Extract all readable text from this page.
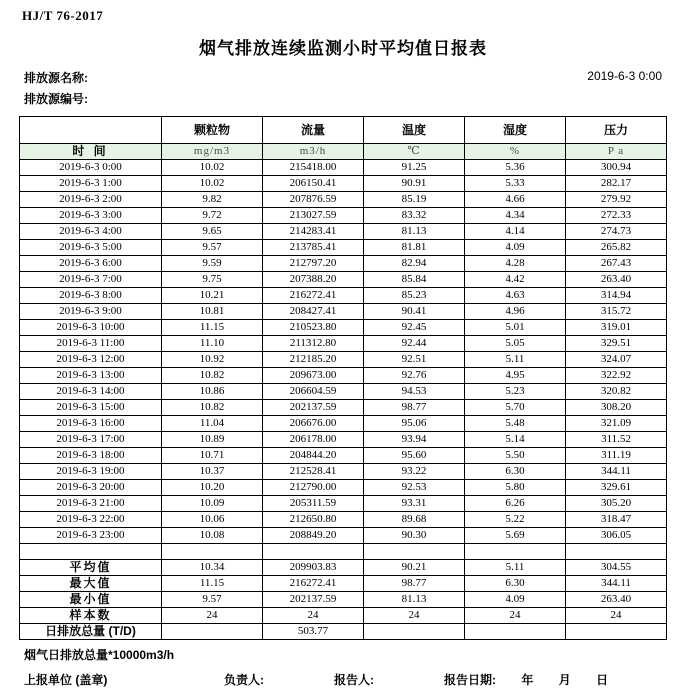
HJ/T 76-2017
烟气排放连续监测小时平均值日报表
排放源名称:	2019-6-3 0:00
排放源编号:
	颗粒物	流量	温度	湿度	压力
时 间	mg/m3	m3/h	℃	%	P a
2019-6-3 0:00	10.02	215418.00	91.25	5.36	300.94
2019-6-3 1:00	10.02	206150.41	90.91	5.33	282.17
2019-6-3 2:00	9.82	207876.59	85.19	4.66	279.92
2019-6-3 3:00	9.72	213027.59	83.32	4.34	272.33
2019-6-3 4:00	9.65	214283.41	81.13	4.14	274.73
2019-6-3 5:00	9.57	213785.41	81.81	4.09	265.82
2019-6-3 6:00	9.59	212797.20	82.94	4.28	267.43
2019-6-3 7:00	9.75	207388.20	85.84	4.42	263.40
2019-6-3 8:00	10.21	216272.41	85.23	4.63	314.94
2019-6-3 9:00	10.81	208427.41	90.41	4.96	315.72
2019-6-3 10:00	11.15	210523.80	92.45	5.01	319.01
2019-6-3 11:00	11.10	211312.80	92.44	5.05	329.51
2019-6-3 12:00	10.92	212185.20	92.51	5.11	324.07
2019-6-3 13:00	10.82	209673.00	92.76	4.95	322.92
2019-6-3 14:00	10.86	206604.59	94.53	5.23	320.82
2019-6-3 15:00	10.82	202137.59	98.77	5.70	308.20
2019-6-3 16:00	11.04	206676.00	95.06	5.48	321.09
2019-6-3 17:00	10.89	206178.00	93.94	5.14	311.52
2019-6-3 18:00	10.71	204844.20	95.60	5.50	311.19
2019-6-3 19:00	10.37	212528.41	93.22	6.30	344.11
2019-6-3 20:00	10.20	212790.00	92.53	5.80	329.61
2019-6-3 21:00	10.09	205311.59	93.31	6.26	305.20
2019-6-3 22:00	10.06	212650.80	89.68	5.22	318.47
2019-6-3 23:00	10.08	208849.20	90.30	5.69	306.05

平均值	10.34	209903.83	90.21	5.11	304.55
最大值	11.15	216272.41	98.77	6.30	344.11
最小值	9.57	202137.59	81.13	4.09	263.40
样本数	24	24	24	24	24
日排放总量 (T/D)		503.77			
烟气日排放总量*10000m3/h
上报单位 (盖章)	负责人:	报告人:	报告日期: 年 月 日
